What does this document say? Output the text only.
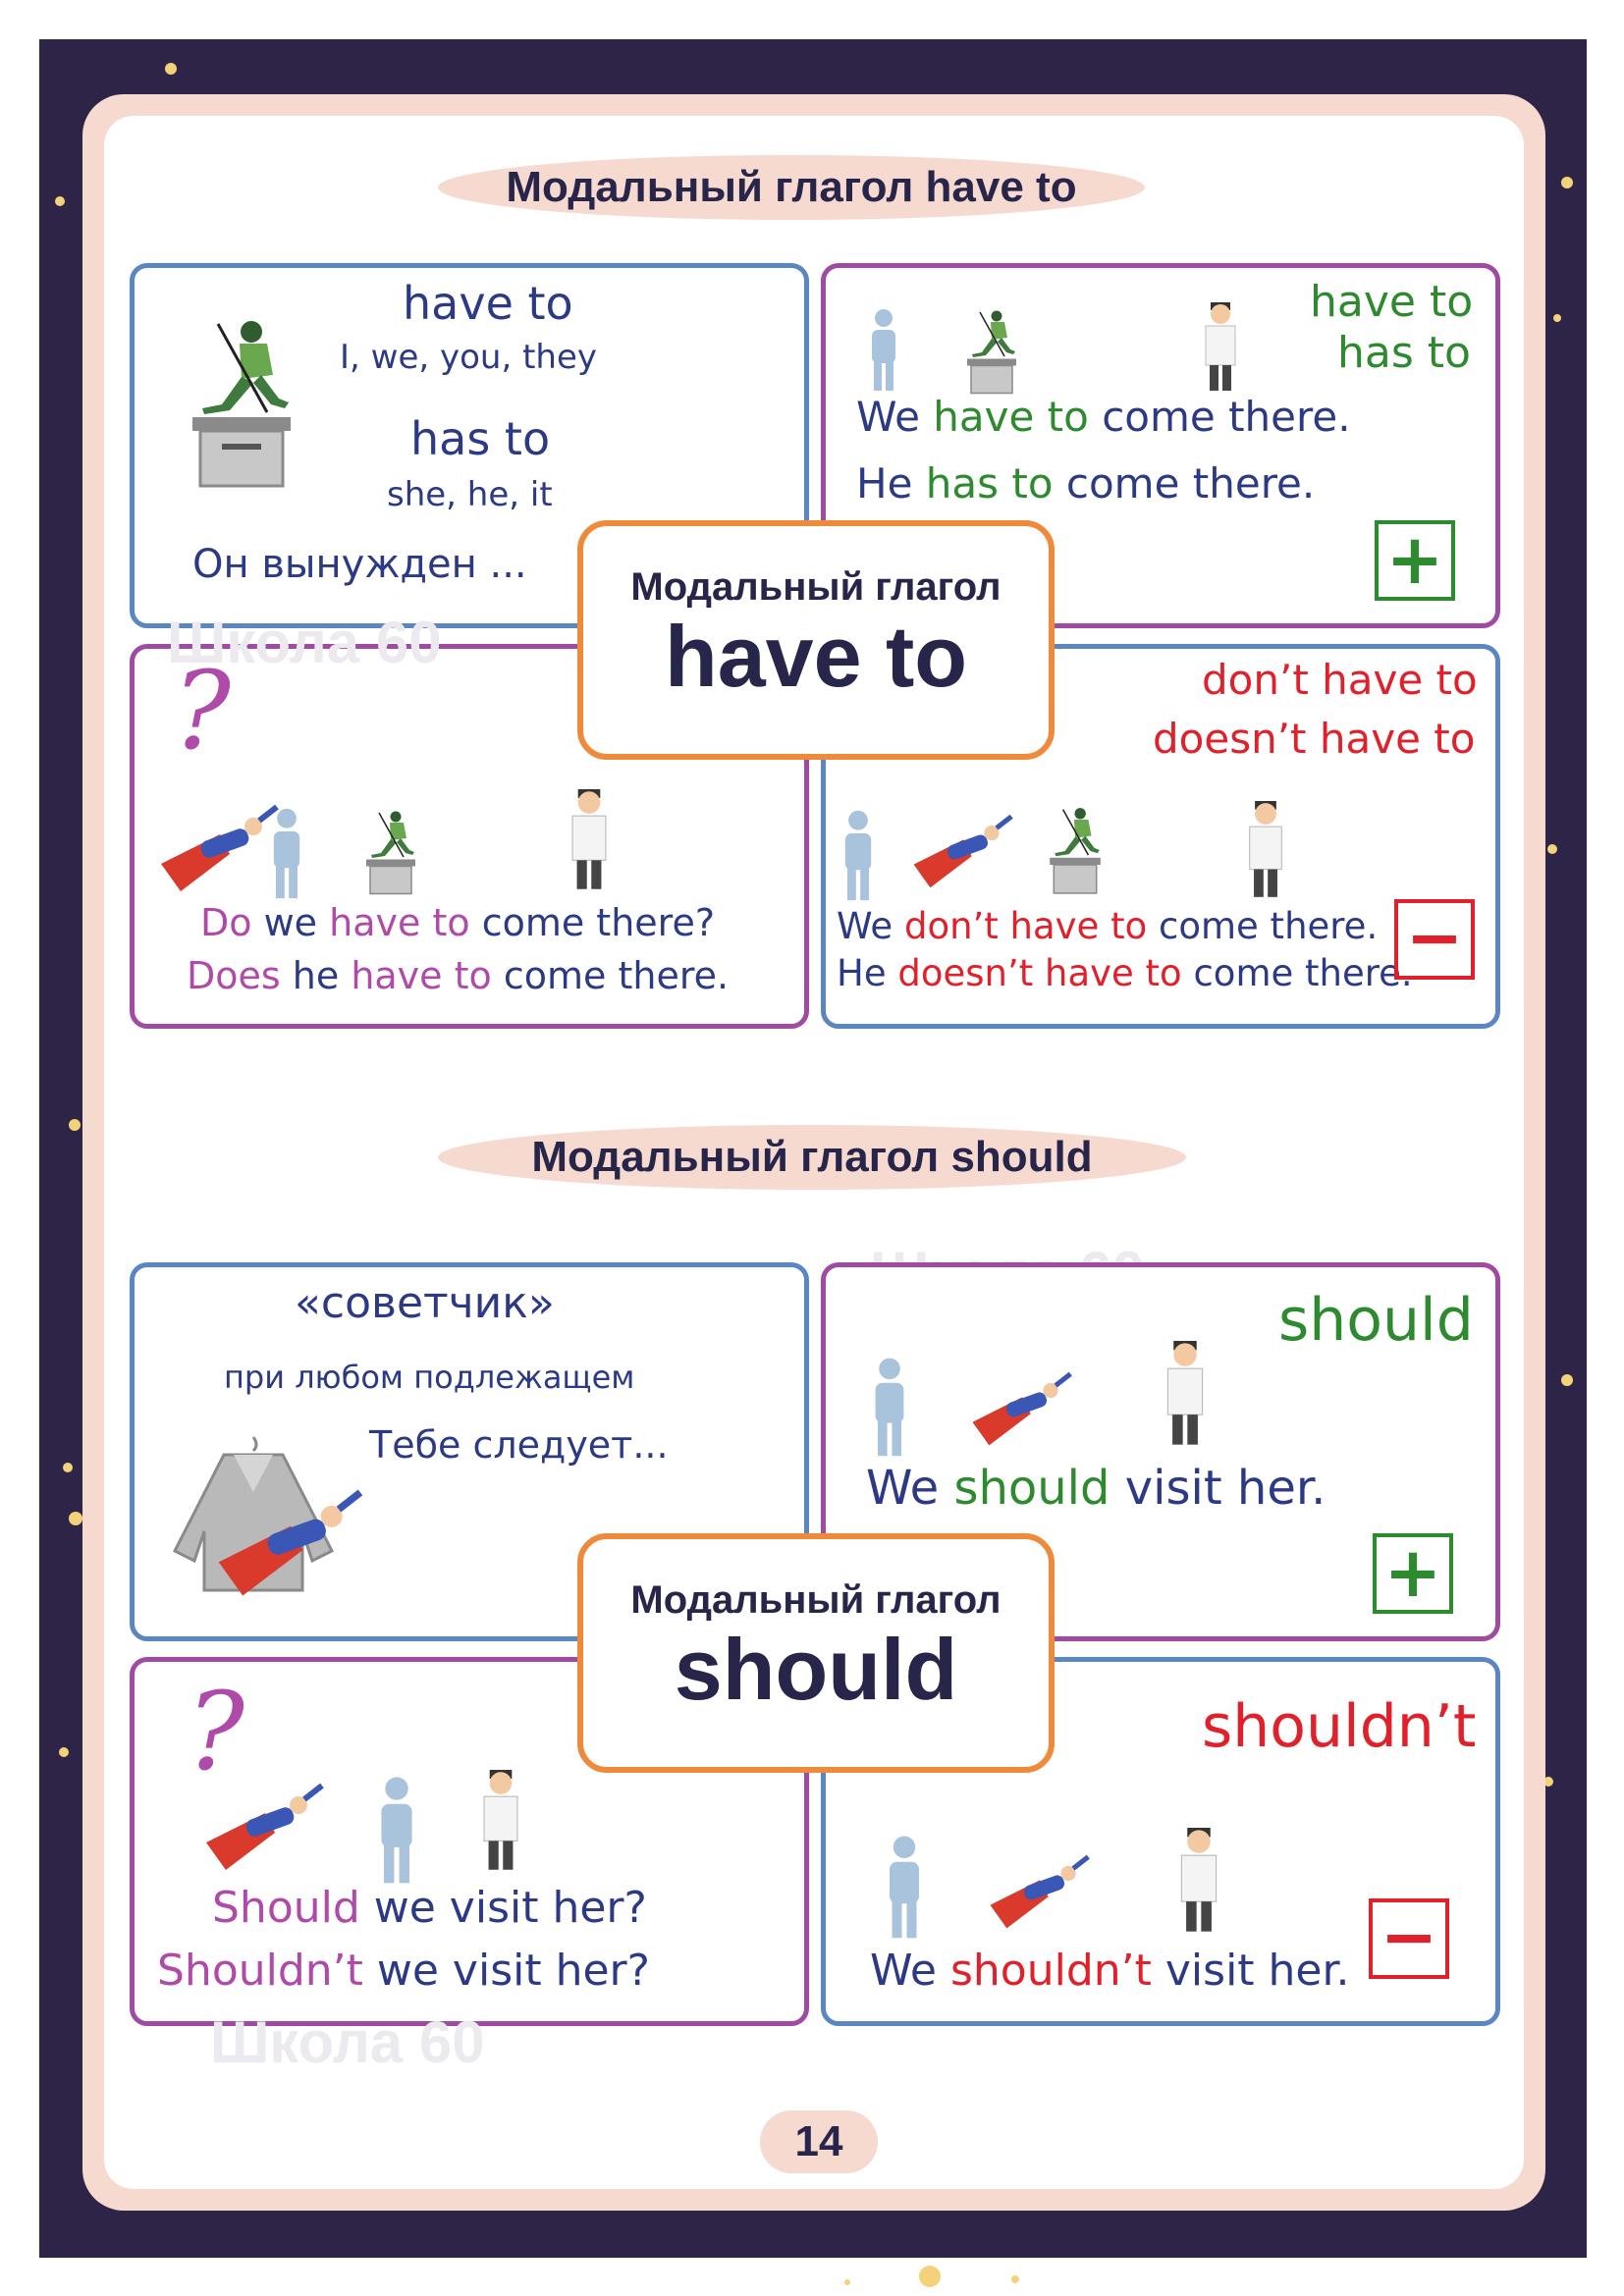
Модальный глагол have to
Школа 60
have to
I, we, you, they
has to
she, he, it
Он вынужден ...
have to
has to
We have to come there.
He has to come there.
+
?
Do we have to come there?
Does he have to come there.
don’t have to
doesn’t have to
We don’t have to come there.
He doesn’t have to come there.
−
Модальный глагол
have to
Модальный глагол should
Школа 60
«советчик»
при любом подлежащем
Тебе следует...
should
We should visit her.
+
?
Should we visit her?
Shouldn’t we visit her?
shouldn’t
We shouldn’t visit her. −
Модальный глагол
should
14
